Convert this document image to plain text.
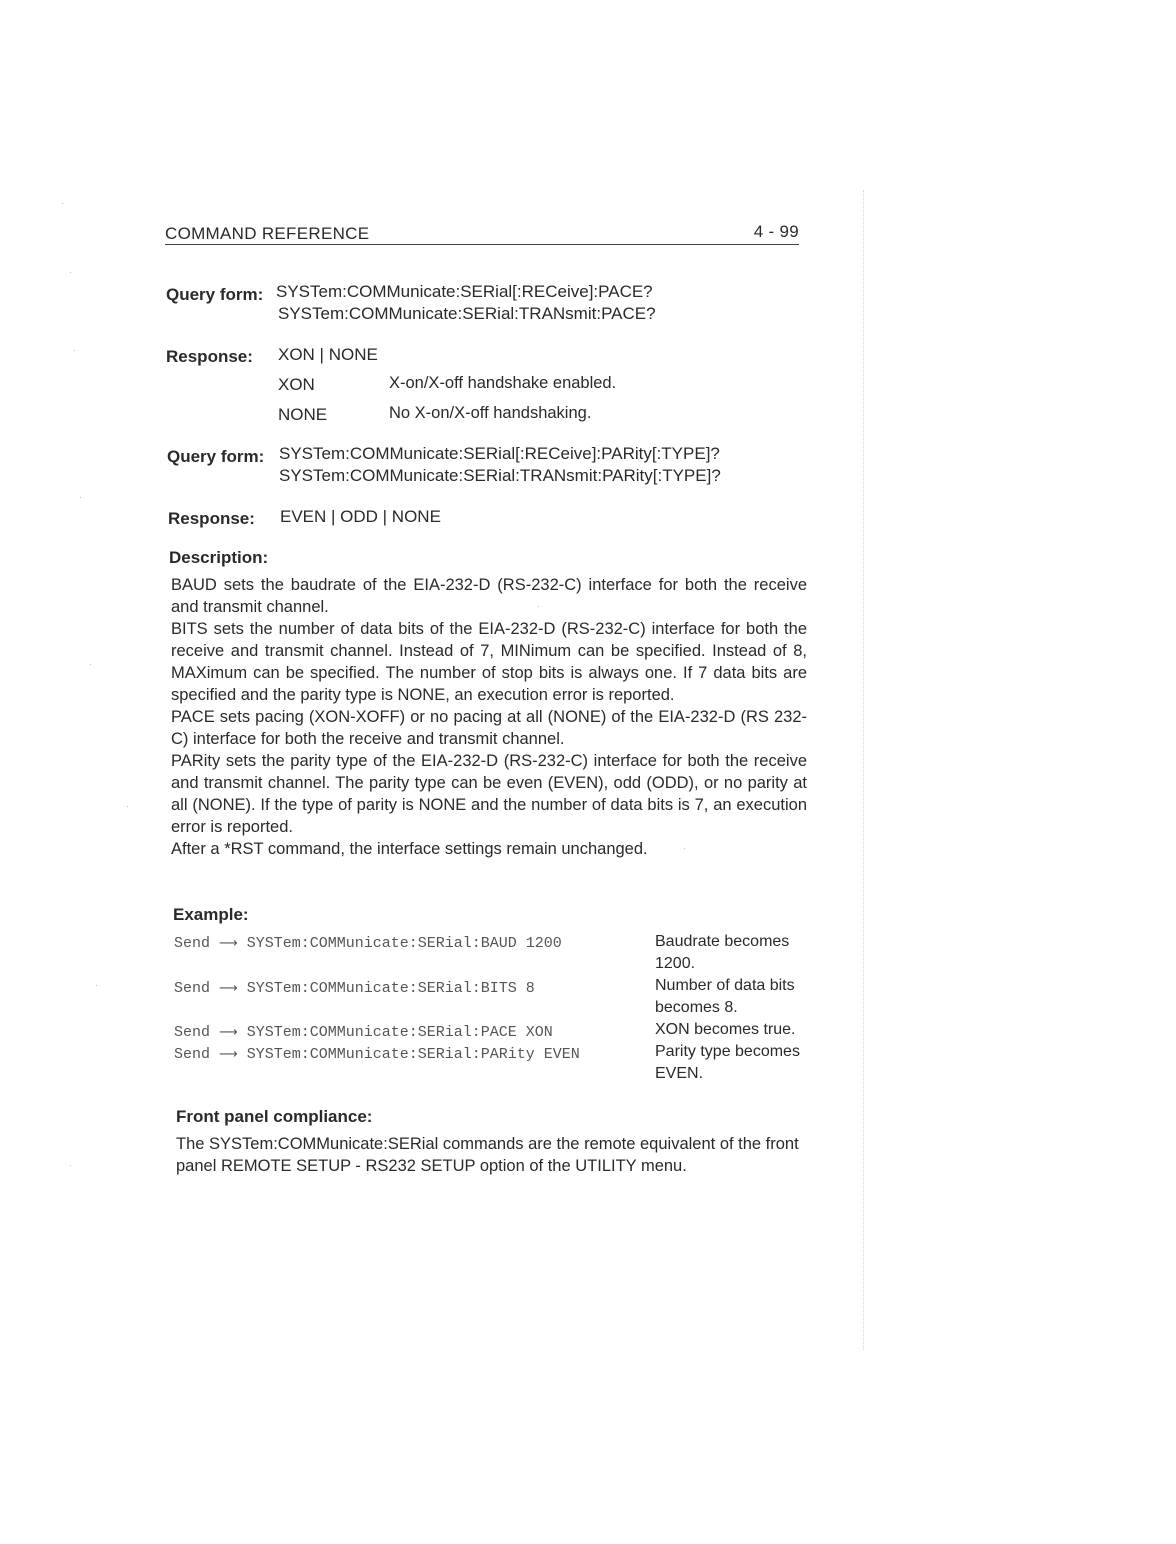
COMMAND REFERENCE	4 - 99
Query form: SYSTem:COMMunicate:SERial[:RECeive]:PACE?
SYSTem:COMMunicate:SERial:TRANsmit:PACE?
Response: XON | NONE
XON	X-on/X-off handshake enabled.
NONE	No X-on/X-off handshaking.
Query form: SYSTem:COMMunicate:SERial[:RECeive]:PARity[:TYPE]?
SYSTem:COMMunicate:SERial:TRANsmit:PARity[:TYPE]?
Response: EVEN | ODD | NONE
Description:

BAUD sets the baudrate of the EIA-232-D (RS-232-C) interface for both the receive and transmit channel.

BITS sets the number of data bits of the EIA-232-D (RS-232-C) interface for both the receive and transmit channel. Instead of 7, MINimum can be specified. Instead of 8, MAXimum can be specified. The number of stop bits is always one. If 7 data bits are specified and the parity type is NONE, an execution error is reported.

PACE sets pacing (XON-XOFF) or no pacing at all (NONE) of the EIA-232-D (RS 232-C) interface for both the receive and transmit channel.

PARity sets the parity type of the EIA-232-D (RS-232-C) interface for both the receive and transmit channel. The parity type can be even (EVEN), odd (ODD), or no parity at all (NONE). If the type of parity is NONE and the number of data bits is 7, an execution error is reported.

After a *RST command, the interface settings remain unchanged.

Example:
Send ⟶ SYSTem:COMMunicate:SERial:BAUD 1200	Baudrate becomes 1200.
Send ⟶ SYSTem:COMMunicate:SERial:BITS 8	Number of data bits becomes 8.
Send ⟶ SYSTem:COMMunicate:SERial:PACE XON	XON becomes true.
Send ⟶ SYSTem:COMMunicate:SERial:PARity EVEN	Parity type becomes EVEN.
Front panel compliance:
The SYSTem:COMMunicate:SERial commands are the remote equivalent of the front panel REMOTE SETUP - RS232 SETUP option of the UTILITY menu.
